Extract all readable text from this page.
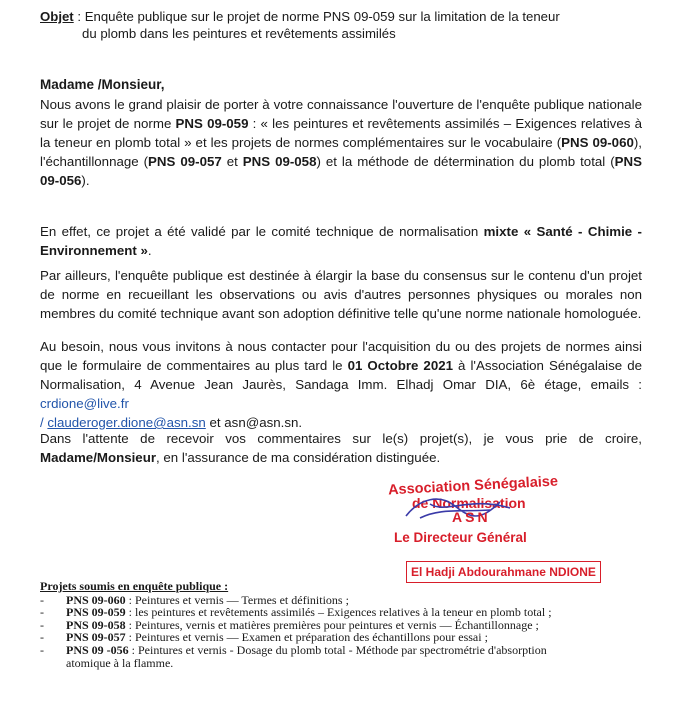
Objet : Enquête publique sur le projet de norme PNS 09-059 sur la limitation de la teneur
du plomb dans les peintures et revêtements assimilés
Madame /Monsieur,
Nous avons le grand plaisir de porter à votre connaissance l'ouverture de l'enquête publique nationale sur le projet de norme PNS 09-059 : « les peintures et revêtements assimilés – Exigences relatives à la teneur en plomb total » et les projets de normes complémentaires sur le vocabulaire (PNS 09-060), l'échantillonnage (PNS 09-057 et PNS 09-058) et la méthode de détermination du plomb total (PNS 09-056).
En effet, ce projet a été validé par le comité technique de normalisation mixte « Santé - Chimie - Environnement ».
Par ailleurs, l'enquête publique est destinée à élargir la base du consensus sur le contenu d'un projet de norme en recueillant les observations ou avis d'autres personnes physiques ou morales non membres du comité technique avant son adoption définitive telle qu'une norme nationale homologuée.
Au besoin, nous vous invitons à nous contacter pour l'acquisition du ou des projets de normes ainsi que le formulaire de commentaires au plus tard le 01 Octobre 2021 à l'Association Sénégalaise de Normalisation, 4 Avenue Jean Jaurès, Sandaga Imm. Elhadj Omar DIA, 6è étage, emails : crdione@live.fr
/ clauderoger.dione@asn.sn et asn@asn.sn.
Dans l'attente de recevoir vos commentaires sur le(s) projet(s), je vous prie de croire, Madame/Monsieur, en l'assurance de ma considération distinguée.
Association Sénégalaise
de Normalisation
ASN
Le Directeur Général
El Hadji Abdourahmane NDIONE
Projets soumis en enquête publique :
- PNS 09-060 : Peintures et vernis — Termes et définitions ;
- PNS 09-059 : les peintures et revêtements assimilés – Exigences relatives à la teneur en plomb total ;
- PNS 09-058 : Peintures, vernis et matières premières pour peintures et vernis — Échantillonnage ;
- PNS 09-057 : Peintures et vernis — Examen et préparation des échantillons pour essai ;
- PNS 09 -056 : Peintures et vernis - Dosage du plomb total - Méthode par spectrométrie d'absorption
atomique à la flamme.
